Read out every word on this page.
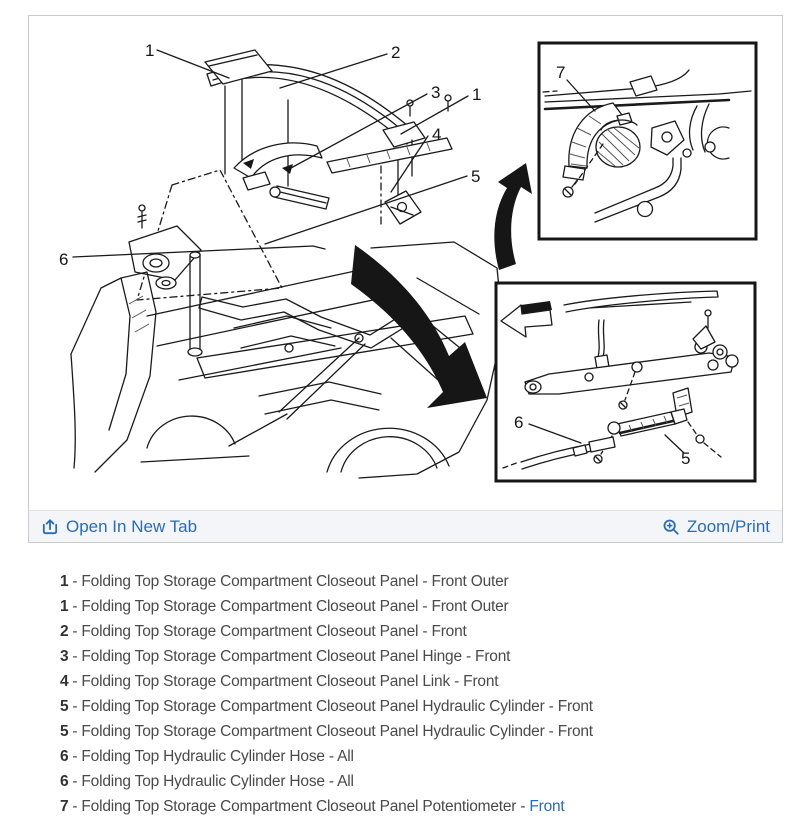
1	2
3 1
4
5
6
7
6
5
Open In New Tab	Zoom/Print
1 - Folding Top Storage Compartment Closeout Panel - Front Outer
1 - Folding Top Storage Compartment Closeout Panel - Front Outer
2 - Folding Top Storage Compartment Closeout Panel - Front
3 - Folding Top Storage Compartment Closeout Panel Hinge - Front
4 - Folding Top Storage Compartment Closeout Panel Link - Front
5 - Folding Top Storage Compartment Closeout Panel Hydraulic Cylinder - Front
5 - Folding Top Storage Compartment Closeout Panel Hydraulic Cylinder - Front
6 - Folding Top Hydraulic Cylinder Hose - All
6 - Folding Top Hydraulic Cylinder Hose - All
7 - Folding Top Storage Compartment Closeout Panel Potentiometer - Front
